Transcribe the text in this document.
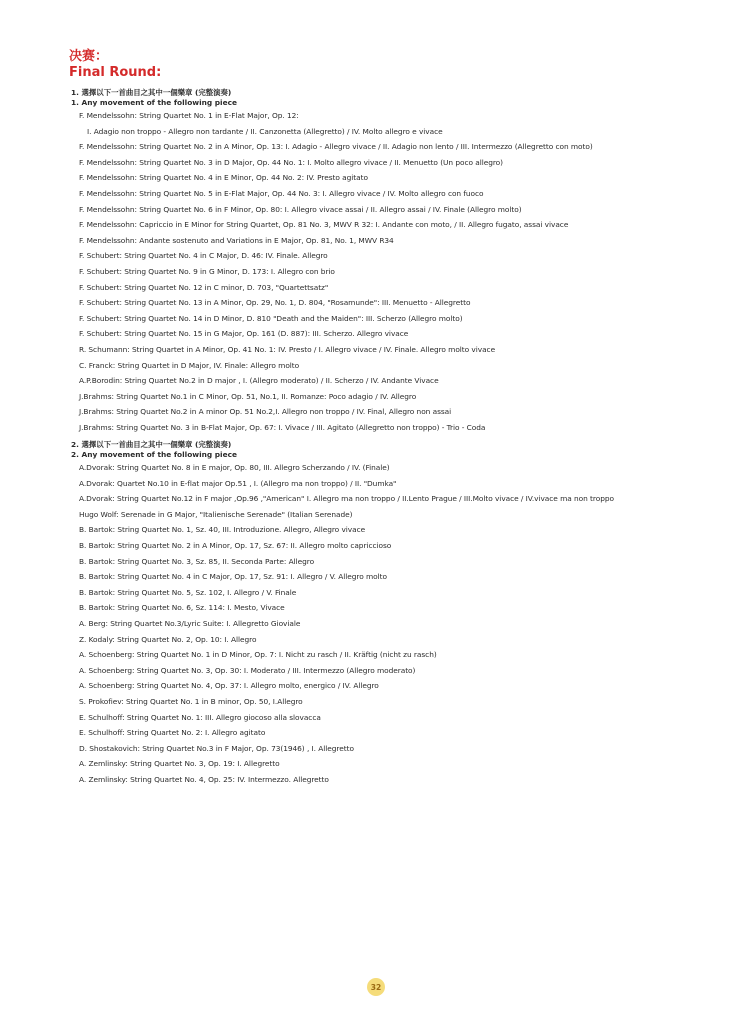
决赛：
Final Round:
1. 選擇以下一首曲目之其中一個樂章 (完整演奏)
1. Any movement of the following piece
F. Mendelssohn: String Quartet No. 1 in E-Flat Major, Op. 12:
I. Adagio non troppo - Allegro non tardante / II. Canzonetta (Allegretto) / IV. Molto allegro e vivace
F. Mendelssohn: String Quartet No. 2 in A Minor, Op. 13: I. Adagio - Allegro vivace / II. Adagio non lento / III. Intermezzo (Allegretto con moto)
F. Mendelssohn: String Quartet No. 3 in D Major, Op. 44 No. 1: I. Molto allegro vivace / II. Menuetto (Un poco allegro)
F. Mendelssohn: String Quartet No. 4 in E Minor, Op. 44 No. 2: IV. Presto agitato
F. Mendelssohn: String Quartet No. 5 in E-Flat Major, Op. 44 No. 3: I. Allegro vivace / IV. Molto allegro con fuoco
F. Mendelssohn: String Quartet No. 6 in F Minor, Op. 80: I. Allegro vivace assai / II. Allegro assai / IV. Finale (Allegro molto)
F. Mendelssohn: Capriccio in E Minor for String Quartet, Op. 81 No. 3, MWV R 32: I. Andante con moto, / II. Allegro fugato, assai vivace
F. Mendelssohn: Andante sostenuto and Variations in E Major, Op. 81, No. 1, MWV R34
F. Schubert: String Quartet No. 4 in C Major, D. 46: IV. Finale. Allegro
F. Schubert: String Quartet No. 9 in G Minor, D. 173: I. Allegro con brio
F. Schubert: String Quartet No. 12 in C minor, D. 703, "Quartettsatz"
F. Schubert: String Quartet No. 13 in A Minor, Op. 29, No. 1, D. 804, "Rosamunde": III. Menuetto - Allegretto
F. Schubert: String Quartet No. 14 in D Minor, D. 810 "Death and the Maiden": III. Scherzo (Allegro molto)
F. Schubert: String Quartet No. 15 in G Major, Op. 161 (D. 887): III. Scherzo. Allegro vivace
R. Schumann: String Quartet in A Minor, Op. 41 No. 1: IV. Presto / I. Allegro vivace / IV. Finale. Allegro molto vivace
C. Franck: String Quartet in D Major, IV. Finale: Allegro molto
A.P.Borodin: String Quartet No.2 in D major , I. (Allegro moderato) / II. Scherzo / IV. Andante Vivace
J.Brahms: String Quartet No.1 in C Minor, Op. 51, No.1, II. Romanze: Poco adagio / IV. Allegro
J.Brahms: String Quartet No.2 in A minor Op. 51 No.2,I. Allegro non troppo / IV. Final, Allegro non assai
J.Brahms: String Quartet No. 3 in B-Flat Major, Op. 67: I. Vivace / III. Agitato (Allegretto non troppo) - Trio - Coda
2. 選擇以下一首曲目之其中一個樂章 (完整演奏)
2. Any movement of the following piece
A.Dvorak: String Quartet No. 8 in E major, Op. 80, III. Allegro Scherzando / IV. (Finale)
A.Dvorak: Quartet No.10 in E-flat major Op.51 , I. (Allegro ma non troppo) / II. "Dumka"
A.Dvorak: String Quartet No.12 in F major ,Op.96 ,"American" I. Allegro ma non troppo / II.Lento Prague / III.Molto vivace / IV.vivace ma non troppo
Hugo Wolf: Serenade in G Major, "Italienische Serenade" (Italian Serenade)
B. Bartok: String Quartet No. 1, Sz. 40, III. Introduzione. Allegro, Allegro vivace
B. Bartok: String Quartet No. 2 in A Minor, Op. 17, Sz. 67: II. Allegro molto capriccioso
B. Bartok: String Quartet No. 3, Sz. 85, II. Seconda Parte: Allegro
B. Bartok: String Quartet No. 4 in C Major, Op. 17, Sz. 91: I. Allegro / V. Allegro molto
B. Bartok: String Quartet No. 5, Sz. 102, I. Allegro / V. Finale
B. Bartok: String Quartet No. 6, Sz. 114: I. Mesto, Vivace
A. Berg: String Quartet No.3/Lyric Suite: I. Allegretto Gioviale
Z. Kodaly: String Quartet No. 2, Op. 10: I. Allegro
A. Schoenberg: String Quartet No. 1 in D Minor, Op. 7: I. Nicht zu rasch / II. Kräftig (nicht zu rasch)
A. Schoenberg: String Quartet No. 3, Op. 30: I. Moderato / III. Intermezzo (Allegro moderato)
A. Schoenberg: String Quartet No. 4, Op. 37: I. Allegro molto, energico / IV. Allegro
S. Prokofiev: String Quartet No. 1 in B minor, Op. 50, I.Allegro
E. Schulhoff: String Quartet No. 1: III. Allegro giocoso alla slovacca
E. Schulhoff: String Quartet No. 2: I. Allegro agitato
D. Shostakovich: String Quartet No.3 in F Major, Op. 73(1946) , I. Allegretto
A. Zemlinsky: String Quartet No. 3, Op. 19: I. Allegretto
A. Zemlinsky: String Quartet No. 4, Op. 25: IV. Intermezzo. Allegretto
32
